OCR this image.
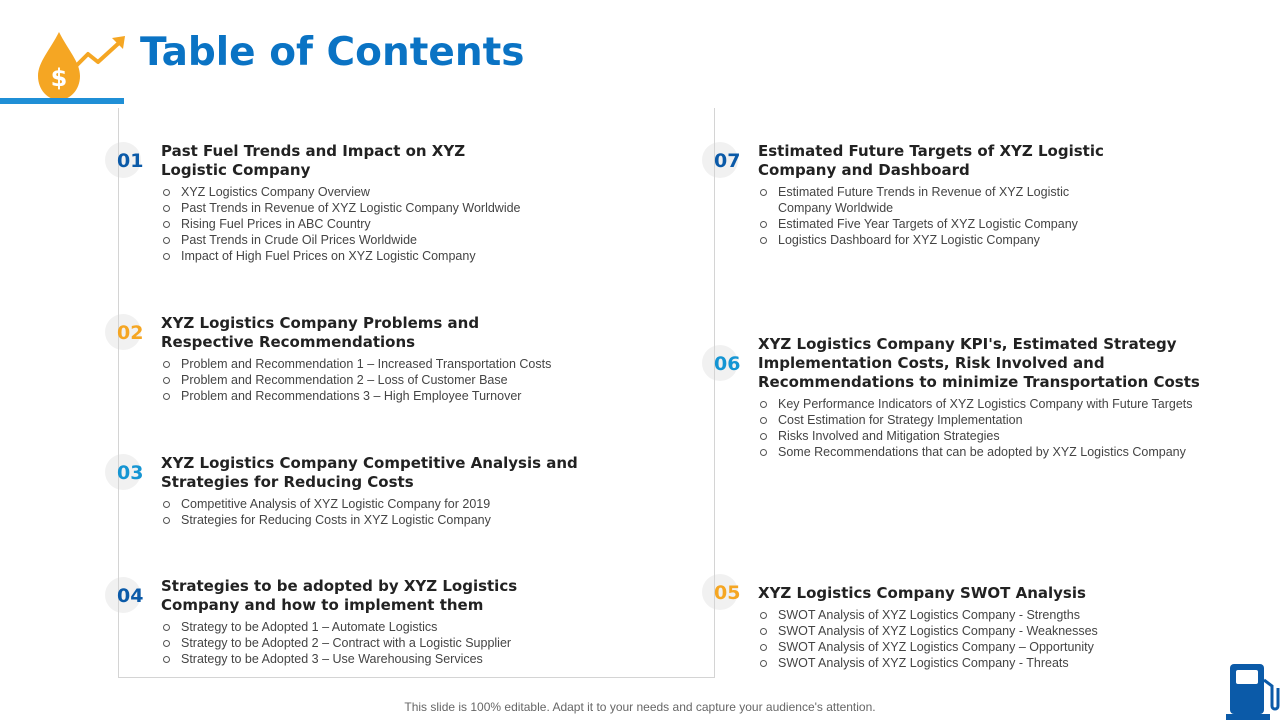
$
Table of Contents
01	Past Fuel Trends and Impact on XYZ
Logistic Company
XYZ Logistics Company Overview
Past Trends in Revenue of XYZ Logistic Company Worldwide
Rising Fuel Prices in ABC Country
Past Trends in Crude Oil Prices Worldwide
Impact of High Fuel Prices on XYZ Logistic Company
02	XYZ Logistics Company Problems and
Respective Recommendations
Problem and Recommendation 1 – Increased Transportation Costs
Problem and Recommendation 2 – Loss of Customer Base
Problem and Recommendations 3 – High Employee Turnover
03	XYZ Logistics Company Competitive Analysis and
Strategies for Reducing Costs
Competitive Analysis of XYZ Logistic Company for 2019
Strategies for Reducing Costs in XYZ Logistic Company
04	Strategies to be adopted by XYZ Logistics
Company and how to implement them
Strategy to be Adopted 1 – Automate Logistics
Strategy to be Adopted 2 – Contract with a Logistic Supplier
Strategy to be Adopted 3 – Use Warehousing Services
07	Estimated Future Targets of XYZ Logistic
Company and Dashboard
Estimated Future Trends in Revenue of XYZ Logistic
Company Worldwide
Estimated Five Year Targets of XYZ Logistic Company
Logistics Dashboard for XYZ Logistic Company
06
XYZ Logistics Company KPI's, Estimated Strategy
Implementation Costs, Risk Involved and
Recommendations to minimize Transportation Costs
Key Performance Indicators of XYZ Logistics Company with Future Targets
Cost Estimation for Strategy Implementation
Risks Involved and Mitigation Strategies
Some Recommendations that can be adopted by XYZ Logistics Company
05	XYZ Logistics Company SWOT Analysis
SWOT Analysis of XYZ Logistics Company - Strengths
SWOT Analysis of XYZ Logistics Company - Weaknesses
SWOT Analysis of XYZ Logistics Company – Opportunity
SWOT Analysis of XYZ Logistics Company - Threats
This slide is 100% editable. Adapt it to your needs and capture your audience's attention.
